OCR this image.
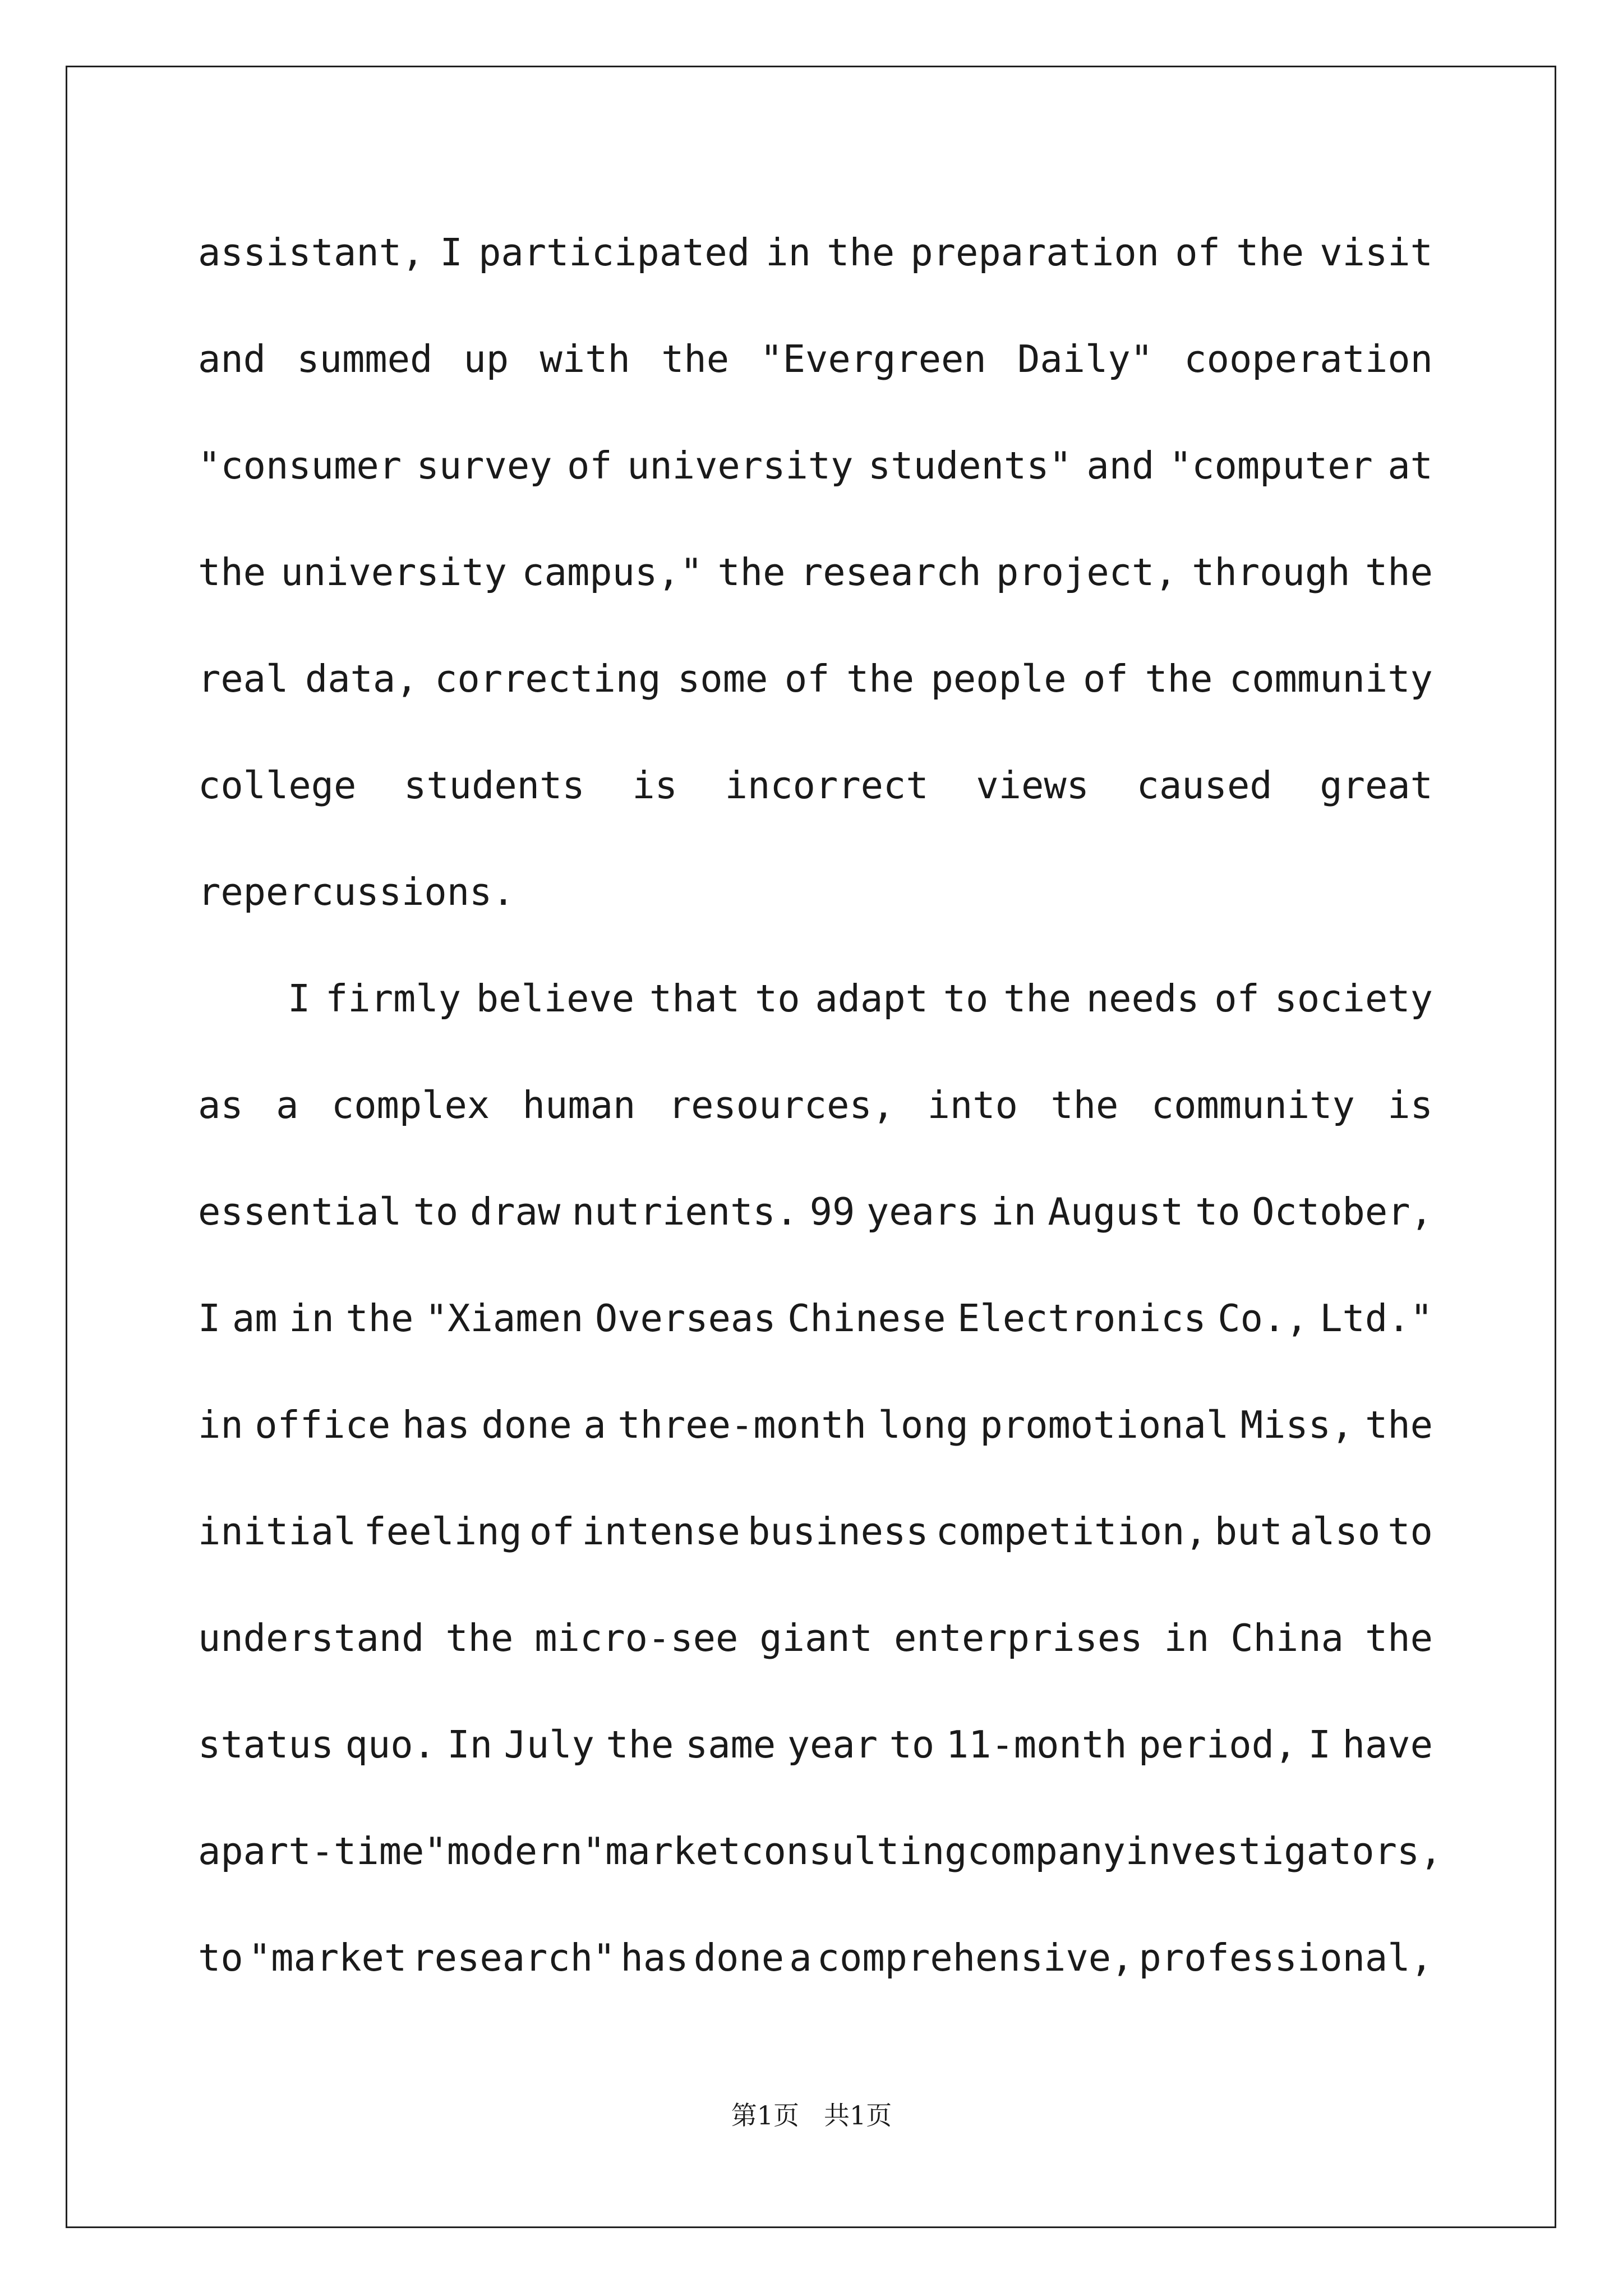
assistant, I participated in the preparation of the visit
and summed up with the "Evergreen Daily" cooperation
"consumer survey of university students" and "computer at
the university campus," the research project, through the
real data, correcting some of the people of the community
college students is incorrect views caused great
repercussions.
I firmly believe that to adapt to the needs of society
as a complex human resources, into the community is
essential to draw nutrients. 99 years in August to October,
I am in the "Xiamen Overseas Chinese Electronics Co., Ltd."
in office has done a three-month long promotional Miss, the
initial feeling of intense business competition, but also to
understand the micro-see giant enterprises in China the
status quo. In July the same year to 11-month period, I have
a part-time "modern" market consulting company investigators,
to "market research" has done a comprehensive, professional,
第1页 共1页
